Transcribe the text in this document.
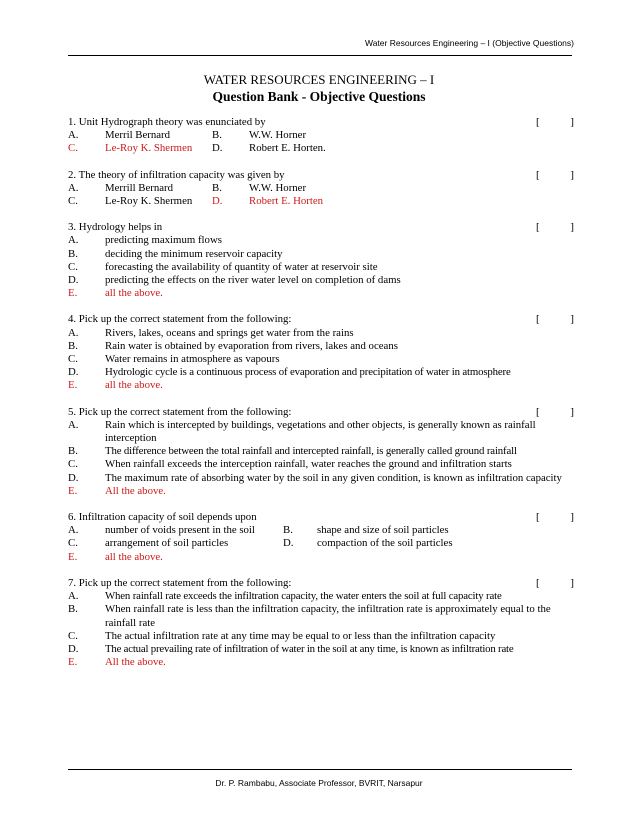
Water Resources Engineering – I (Objective Questions)
WATER RESOURCES ENGINEERING – I
Question Bank - Objective Questions
1. Unit Hydrograph theory was enunciated by	[	]
A.	Merril Bernard	B.	W.W. Horner
C.	Le-Roy K. Shermen	D.	Robert E. Horten.
2. The theory of infiltration capacity was given by	[	]
A.	Merrill Bernard	B.	W.W. Horner
C.	Le-Roy K. Shermen	D.	Robert E. Horten
3. Hydrology helps in	[	]
A.	predicting maximum flows
B.	deciding the minimum reservoir capacity
C.	forecasting the availability of quantity of water at reservoir site
D.	predicting the effects on the river water level on completion of dams
E.	all the above.
4. Pick up the correct statement from the following:	[	]
A.	Rivers, lakes, oceans and springs get water from the rains
B.	Rain water is obtained by evaporation from rivers, lakes and oceans
C.	Water remains in atmosphere as vapours
D.	Hydrologic cycle is a continuous process of evaporation and precipitation of water in atmosphere
E.	all the above.
5. Pick up the correct statement from the following:	[	]
A.	Rain which is intercepted by buildings, vegetations and other objects, is generally known as rainfall interception
B.	The difference between the total rainfall and intercepted rainfall, is generally called ground rainfall
C.	When rainfall exceeds the interception rainfall, water reaches the ground and infiltration starts
D.	The maximum rate of absorbing water by the soil in any given condition, is known as infiltration capacity
E.	All the above.
6. Infiltration capacity of soil depends upon	[	]
A.	number of voids present in the soil	B.	shape and size of soil particles
C.	arrangement of soil particles	D.	compaction of the soil particles
E.	all the above.
7. Pick up the correct statement from the following:	[	]
A.	When rainfall rate exceeds the infiltration capacity, the water enters the soil at full capacity rate
B.	When rainfall rate is less than the infiltration capacity, the infiltration rate is approximately equal to the rainfall rate
C.	The actual infiltration rate at any time may be equal to or less than the infiltration capacity
D.	The actual prevailing rate of infiltration of water in the soil at any time, is known as infiltration rate
E.	All the above.
Dr. P. Rambabu, Associate Professor, BVRIT, Narsapur
